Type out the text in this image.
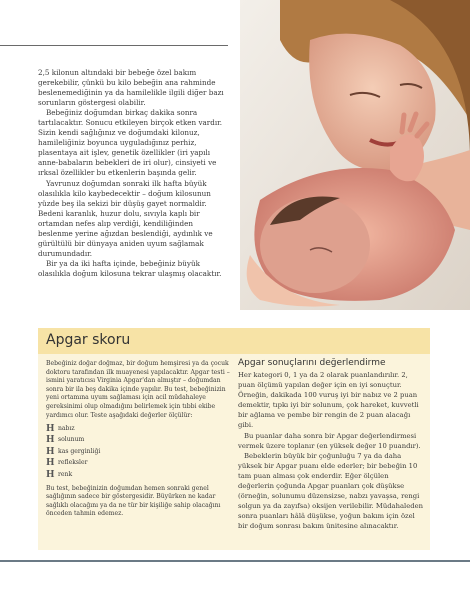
2,5 kilonun altındaki bir bebeğe özel bakım gerekebilir, çünkü bu kilo bebeğin ana rahminde beslenemediğinin ya da hamilelikle ilgili diğer bazı sorunların göstergesi olabilir.

Bebeğiniz doğumdan birkaç dakika sonra tartılacaktır. Sonucu etkileyen birçok etken vardır. Sizin kendi sağlığınız ve doğumdaki kilonuz, hamileliğiniz boyunca uyguladığınız perhiz, plasentaya ait işlev, genetik özellikler (iri yapılı anne-babaların bebekleri de iri olur), cinsiyeti ve ırksal özellikler bu etkenlerin başında gelir.

Yavrunuz doğumdan sonraki ilk hafta büyük olasılıkla kilo kaybedecektir – doğum kilosunun yüzde beş ila sekizi bir düşüş gayet normaldir. Bedeni karanlık, huzur dolu, sıvıyla kaplı bir ortamdan nefes alıp verdiği, kendiliğinden beslenme yerine ağızdan beslendiği, aydınlık ve gürültülü bir dünyaya aniden uyum sağlamak durumundadır.

Bir ya da iki hafta içinde, bebeğiniz büyük olasılıkla doğum kilosuna tekrar ulaşmış olacaktır.

Apgar skoru

Bebeğiniz doğar doğmaz, bir doğum hemşiresi ya da çocuk doktoru tarafından ilk muayenesi yapılacaktır. Apgar testi – ismini yaratıcısı Virginia Apgar'dan almıştır – doğumdan sonra bir ila beş dakika içinde yapılır. Bu test, bebeğinizin yeni ortamına uyum sağlaması için acil müdahaleye gereksinimi olup olmadığını belirlemek için tıbbi ekibe yardımcı olur. Teste aşağıdaki değerler ölçülür:

H nabız
H solunum
H kas gerginliği
H refleksler
H renk

Bu test, bebeğinizin doğumdan hemen sonraki genel sağlığının sadece bir göstergesidir. Büyürken ne kadar sağlıklı olacağını ya da ne tür bir kişiliğe sahip olacağını önceden tahmin edemez.

Apgar sonuçlarını değerlendirme

Her kategori 0, 1 ya da 2 olarak puanlandırılır. 2, puan ölçümü yapılan değer için en iyi sonuçtur. Örneğin, dakikada 100 vuruş iyi bir nabız ve 2 puan demektir, tıpkı iyi bir solunum, çok hareket, kuvvetli bir ağlama ve pembe bir rengin de 2 puan alacağı gibi.

Bu puanlar daha sonra bir Apgar değerlendirmesi vermek üzere toplanır (en yüksek değer 10 puandır).

Bebeklerin büyük bir çoğunluğu 7 ya da daha yüksek bir Apgar puanı elde ederler; bir bebeğin 10 tam puan alması çok enderdir. Eğer ölçülen değerlerin çoğunda Apgar puanları çok düşükse (örneğin, solunumu düzensizse, nabzı yavaşsa, rengi solgun ya da zayıfsa) oksijen verilebilir. Müdahaleden sonra puanları hâlâ düşükse, yoğun bakım için özel bir doğum sonrası bakım ünitesine alınacaktır.
